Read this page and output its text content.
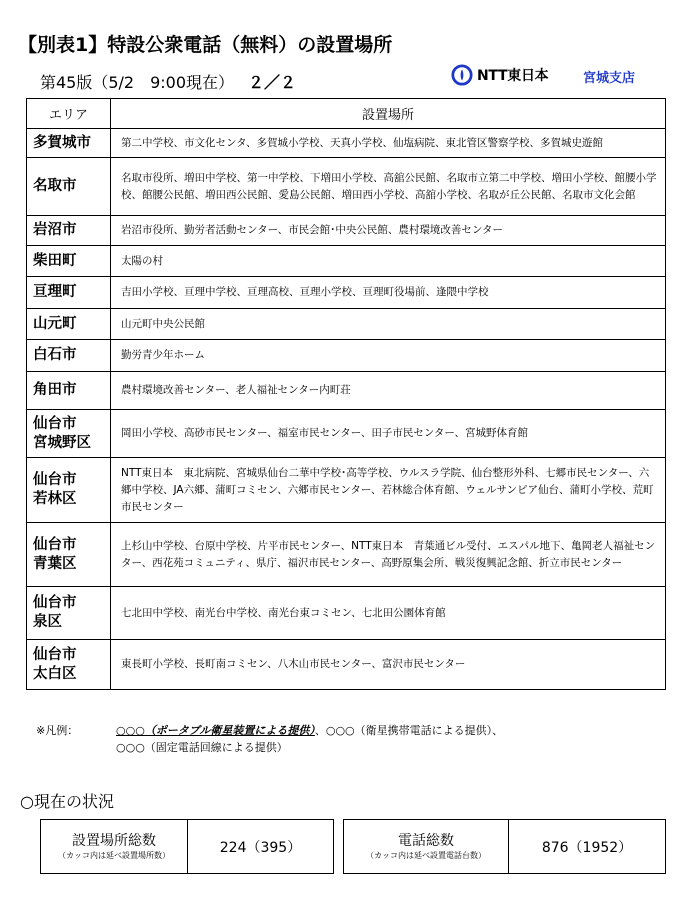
【別表1】特設公衆電話（無料）の設置場所
第45版（5/2　9:00現在） ２／２	NTT東日本	宮城支店
エリア	設置場所
多賀城市	第二中学校、市文化センタ、多賀城小学校、天真小学校、仙塩病院、東北管区警察学校、多賀城史遊館
名取市	名取市役所、増田中学校、第一中学校、下増田小学校、高舘公民館、名取市立第二中学校、増田小学校、館腰小学校、館腰公民館、増田西公民館、愛島公民館、増田西小学校、高舘小学校、名取が丘公民館、名取市文化会館
岩沼市	岩沼市役所、勤労者活動センター、市民会館･中央公民館、農村環境改善センター
柴田町	太陽の村
亘理町	吉田小学校、亘理中学校、亘理高校、亘理小学校、亘理町役場前、逢隈中学校
山元町	山元町中央公民館
白石市	勤労青少年ホーム
角田市	農村環境改善センター、老人福祉センター内町荘
仙台市
宮城野区	岡田小学校、高砂市民センター、福室市民センター、田子市民センター、宮城野体育館
仙台市
若林区	NTT東日本　東北病院、宮城県仙台二華中学校･高等学校、ウルスラ学院、仙台整形外科、七郷市民センター、六郷中学校、JA六郷、蒲町コミセン、六郷市民センター、若林総合体育館、ウェルサンピア仙台、蒲町小学校、荒町市民センター
仙台市
青葉区	上杉山中学校、台原中学校、片平市民センター、NTT東日本　青葉通ビル受付、エスパル地下、亀岡老人福祉センター、西花苑コミュニティ、県庁、福沢市民センター、高野原集会所、戦災復興記念館、折立市民センター
仙台市
泉区	七北田中学校、南光台中学校、南光台東コミセン、七北田公園体育館
仙台市
太白区	東長町小学校、長町南コミセン、八木山市民センター、富沢市民センター
※凡例：	○○○（ポータブル衛星装置による提供）、○○○（衛星携帯電話による提供）、
○○○（固定電話回線による提供）
○現在の状況
設置場所総数
（カッコ内は延べ設置場所数）	224（395）	電話総数
（カッコ内は延べ設置電話台数）	876（1952）
